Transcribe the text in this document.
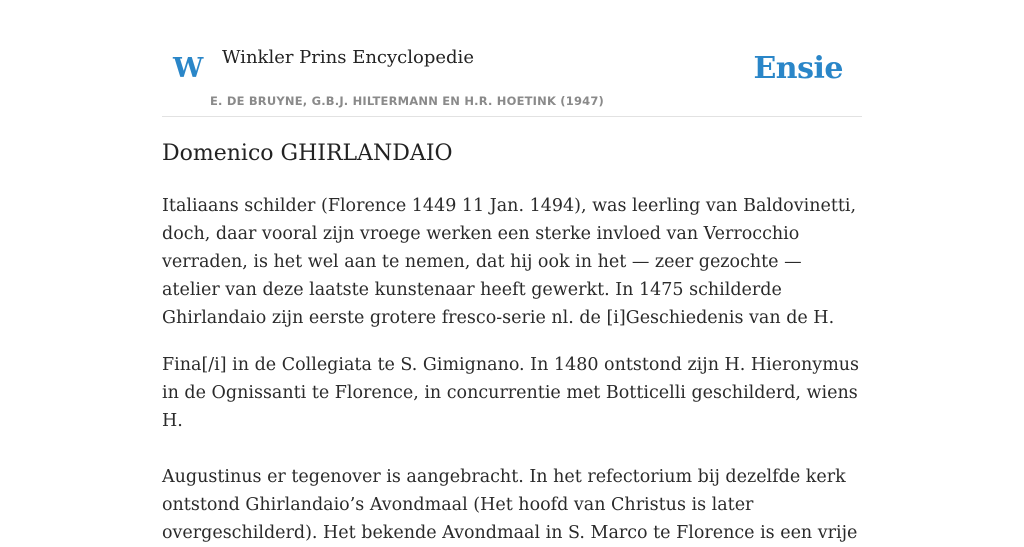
W Winkler Prins Encyclopedie
E. DE BRUYNE, G.B.J. HILTERMANN EN H.R. HOETINK (1947)
Ensie
Domenico GHIRLANDAIO

Italiaans schilder (Florence 1449 11 Jan. 1494), was leerling van Baldovinetti, doch, daar vooral zijn vroege werken een sterke invloed van Verrocchio verraden, is het wel aan te nemen, dat hij ook in het — zeer gezochte — atelier van deze laatste kunstenaar heeft gewerkt. In 1475 schilderde Ghirlandaio zijn eerste grotere fresco-serie nl. de [i]Geschiedenis van de H.

Fina[/i] in de Collegiata te S. Gimignano. In 1480 ontstond zijn H. Hieronymus in de Ognissanti te Florence, in concurrentie met Botticelli geschilderd, wiens H.

Augustinus er tegenover is aangebracht. In het refectorium bij dezelfde kerk ontstond Ghirlandaio’s Avondmaal (Het hoofd van Christus is later overgeschilderd). Het bekende Avondmaal in S. Marco te Florence is een vrije
